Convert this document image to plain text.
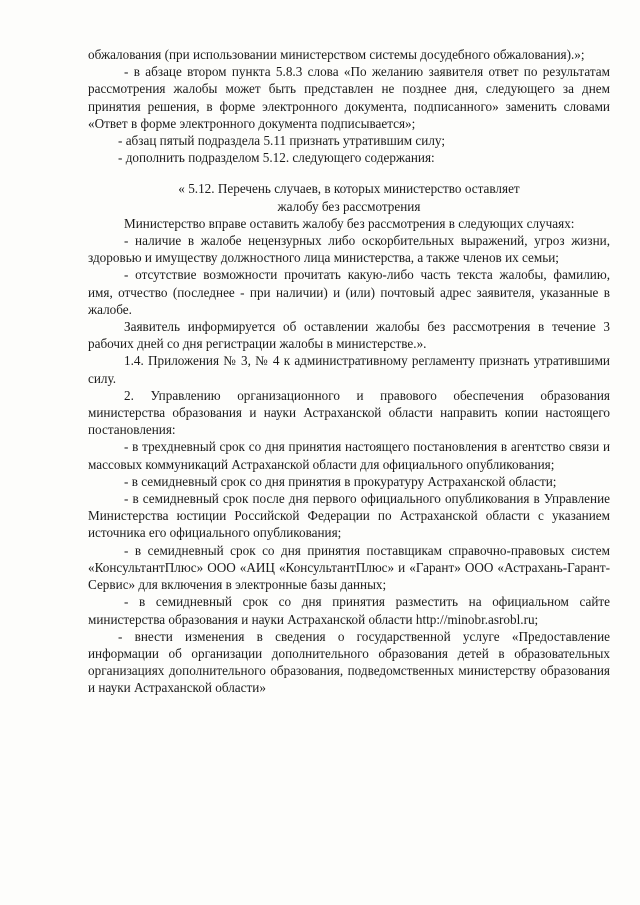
обжалования (при использовании министерством системы досудебного обжалования).»;

- в абзаце втором пункта 5.8.3 слова «По желанию заявителя ответ по результатам рассмотрения жалобы может быть представлен не позднее дня, следующего за днем принятия решения, в форме электронного документа, подписанного» заменить словами «Ответ в форме электронного документа подписывается»;

- абзац пятый подраздела 5.11 признать утратившим силу;

- дополнить подразделом 5.12. следующего содержания:

« 5.12. Перечень случаев, в которых министерство оставляет
жалобу без рассмотрения

Министерство вправе оставить жалобу без рассмотрения в следующих случаях:

- наличие в жалобе нецензурных либо оскорбительных выражений, угроз жизни, здоровью и имуществу должностного лица министерства, а также членов их семьи;

- отсутствие возможности прочитать какую-либо часть текста жалобы, фамилию, имя, отчество (последнее - при наличии) и (или) почтовый адрес заявителя, указанные в жалобе.

Заявитель информируется об оставлении жалобы без рассмотрения в течение 3 рабочих дней со дня регистрации жалобы в министерстве.».

1.4. Приложения № 3, № 4 к административному регламенту признать утратившими силу.

2. Управлению организационного и правового обеспечения образования министерства образования и науки Астраханской области направить копии настоящего постановления:

- в трехдневный срок со дня принятия настоящего постановления в агентство связи и массовых коммуникаций Астраханской области для официального опубликования;

- в семидневный срок со дня принятия в прокуратуру Астраханской области;

- в семидневный срок после дня первого официального опубликования в Управление Министерства юстиции Российской Федерации по Астраханской области с указанием источника его официального опубликования;

- в семидневный срок со дня принятия поставщикам справочно-правовых систем «КонсультантПлюс» ООО «АИЦ «КонсультантПлюс» и «Гарант» ООО «Астрахань-Гарант-Сервис» для включения в электронные базы данных;

- в семидневный срок со дня принятия разместить на официальном сайте министерства образования и науки Астраханской области http://minobr.asrobl.ru;

- внести изменения в сведения о государственной услуге «Предоставление информации об организации дополнительного образования детей в образовательных организациях дополнительного образования, подведомственных министерству образования и науки Астраханской области»
